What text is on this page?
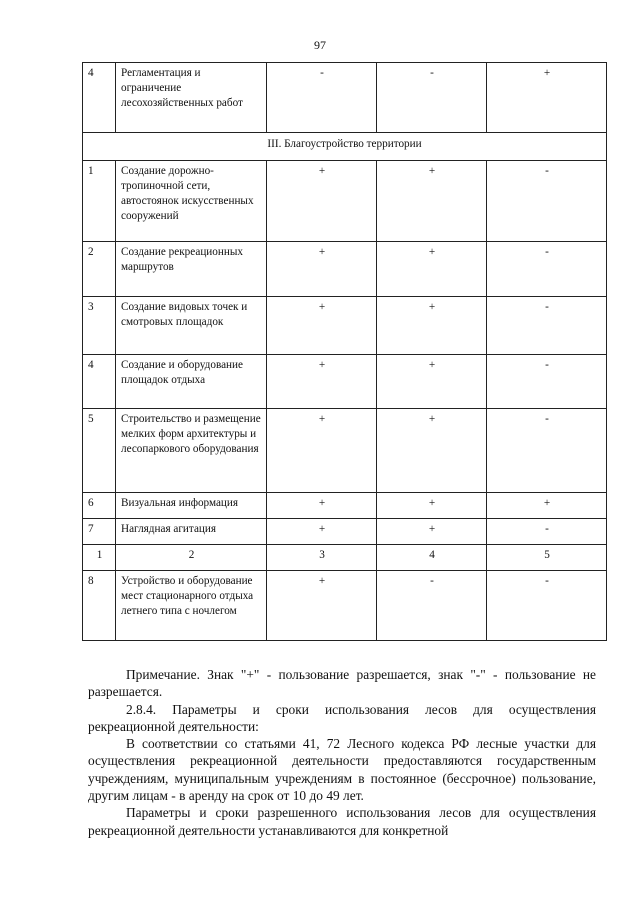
97
4	Регламентация и ограничение лесохозяйственных работ	-	-	+
III. Благоустройство территории				
1	Создание дорожно-тропиночной сети, автостоянок искусственных сооружений	+	+	-
2	Создание рекреационных маршрутов	+	+	-
3	Создание видовых точек и смотровых площадок	+	+	-
4	Создание и оборудование площадок отдыха	+	+	-
5	Строительство и размещение мелких форм архитектуры и лесопаркового оборудования	+	+	-
6	Визуальная информация	+	+	+
7	Наглядная агитация	+	+	-
1	2	3	4	5
8	Устройство и оборудование мест стационарного отдыха летнего типа с ночлегом	+	-	-

Примечание. Знак "+" - пользование разрешается, знак "-" - пользование не разрешается.

2.8.4. Параметры и сроки использования лесов для осуществления рекреационной деятельности:

В соответствии со статьями 41, 72 Лесного кодекса РФ лесные участки для осуществления рекреационной деятельности предоставляются государственным учреждениям, муниципальным учреждениям в постоянное (бессрочное) пользование, другим лицам - в аренду на срок от 10 до 49 лет.

Параметры и сроки разрешенного использования лесов для осуществления рекреационной деятельности устанавливаются для конкретной
